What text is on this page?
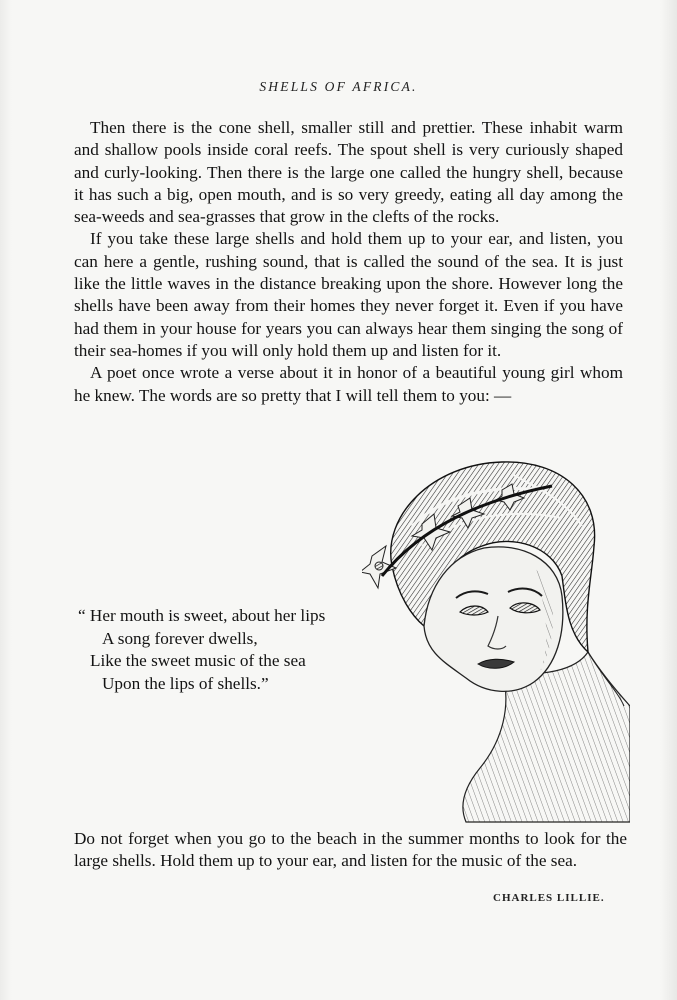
SHELLS OF AFRICA.

Then there is the cone shell, smaller still and prettier. These inhabit warm and shallow pools inside coral reefs. The spout shell is very curiously shaped and curly-looking. Then there is the large one called the hungry shell, because it has such a big, open mouth, and is so very greedy, eating all day among the sea-weeds and sea-grasses that grow in the clefts of the rocks.

If you take these large shells and hold them up to your ear, and listen, you can here a gentle, rushing sound, that is called the sound of the sea. It is just like the little waves in the distance breaking upon the shore. However long the shells have been away from their homes they never forget it. Even if you have had them in your house for years you can always hear them singing the song of their sea-homes if you will only hold them up and listen for it.

A poet once wrote a verse about it in honor of a beautiful young girl whom he knew. The words are so pretty that I will tell them to you: —

“ Her mouth is sweet, about her lips
A song forever dwells,
Like the sweet music of the sea
Upon the lips of shells.”

Do not forget when you go to the beach in the summer months to look for the large shells. Hold them up to your ear, and listen for the music of the sea.

CHARLES LILLIE.
